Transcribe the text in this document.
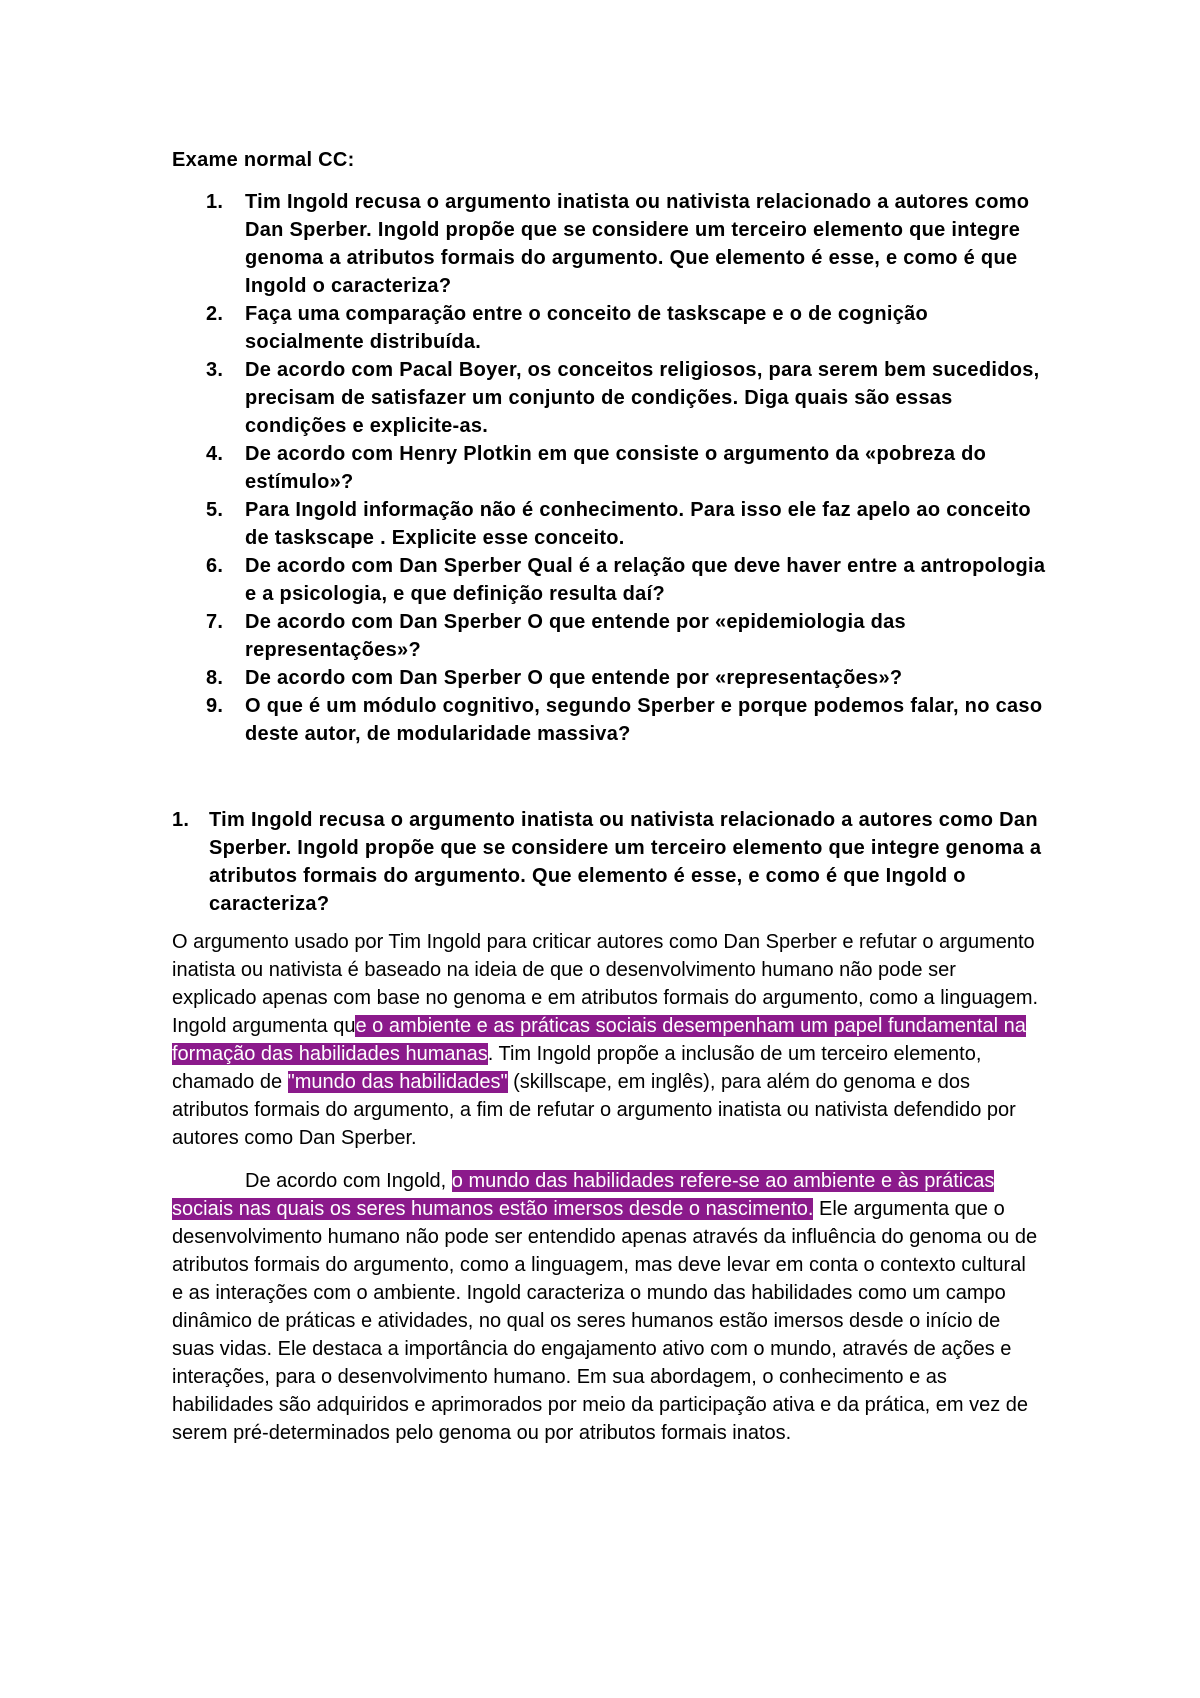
Exame normal CC:

1. Tim Ingold recusa o argumento inatista ou nativista relacionado a autores como Dan Sperber. Ingold propõe que se considere um terceiro elemento que integre genoma a atributos formais do argumento. Que elemento é esse, e como é que Ingold o caracteriza?
2. Faça uma comparação entre o conceito de taskscape e o de cognição socialmente distribuída.
3. De acordo com Pacal Boyer, os conceitos religiosos, para serem bem sucedidos, precisam de satisfazer um conjunto de condições. Diga quais são essas condições e explicite-as.
4. De acordo com Henry Plotkin em que consiste o argumento da «pobreza do estímulo»?
5. Para Ingold informação não é conhecimento. Para isso ele faz apelo ao conceito de taskscape . Explicite esse conceito.
6. De acordo com Dan Sperber Qual é a relação que deve haver entre a antropologia e a psicologia, e que definição resulta daí?
7. De acordo com Dan Sperber O que entende por «epidemiologia das representações»?
8. De acordo com Dan Sperber O que entende por «representações»?
9. O que é um módulo cognitivo, segundo Sperber e porque podemos falar, no caso deste autor, de modularidade massiva?

1. Tim Ingold recusa o argumento inatista ou nativista relacionado a autores como Dan Sperber. Ingold propõe que se considere um terceiro elemento que integre genoma a atributos formais do argumento. Que elemento é esse, e como é que Ingold o caracteriza?

O argumento usado por Tim Ingold para criticar autores como Dan Sperber e refutar o argumento inatista ou nativista é baseado na ideia de que o desenvolvimento humano não pode ser explicado apenas com base no genoma e em atributos formais do argumento, como a linguagem. Ingold argumenta que o ambiente e as práticas sociais desempenham um papel fundamental na formação das habilidades humanas. Tim Ingold propõe a inclusão de um terceiro elemento, chamado de "mundo das habilidades" (skillscape, em inglês), para além do genoma e dos atributos formais do argumento, a fim de refutar o argumento inatista ou nativista defendido por autores como Dan Sperber.

De acordo com Ingold, o mundo das habilidades refere-se ao ambiente e às práticas sociais nas quais os seres humanos estão imersos desde o nascimento. Ele argumenta que o desenvolvimento humano não pode ser entendido apenas através da influência do genoma ou de atributos formais do argumento, como a linguagem, mas deve levar em conta o contexto cultural e as interações com o ambiente. Ingold caracteriza o mundo das habilidades como um campo dinâmico de práticas e atividades, no qual os seres humanos estão imersos desde o início de suas vidas. Ele destaca a importância do engajamento ativo com o mundo, através de ações e interações, para o desenvolvimento humano. Em sua abordagem, o conhecimento e as habilidades são adquiridos e aprimorados por meio da participação ativa e da prática, em vez de serem pré-determinados pelo genoma ou por atributos formais inatos.
